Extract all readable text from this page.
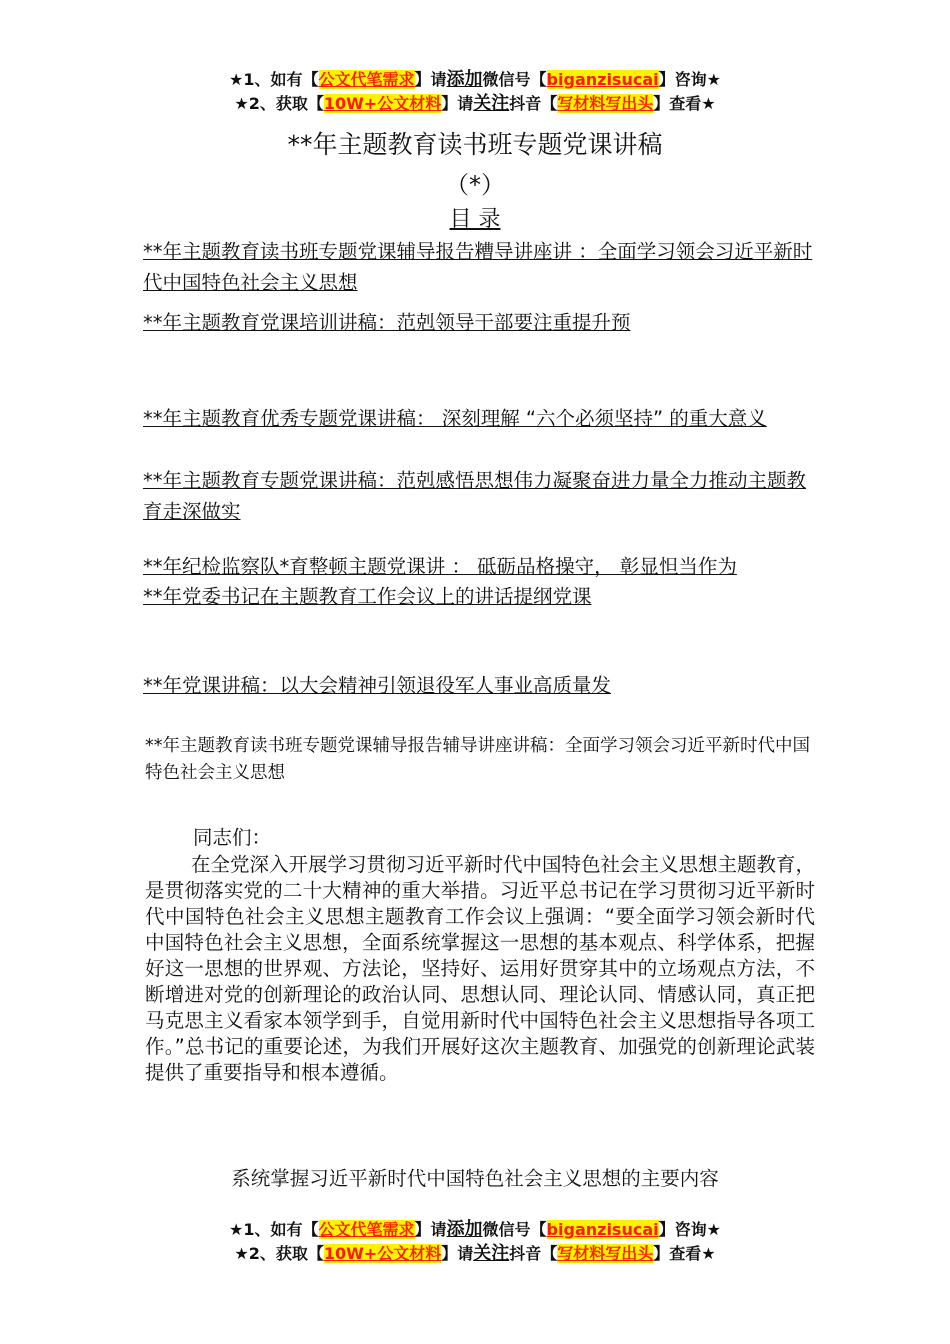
★1、如有【公文代笔需求】请添加微信号【biganzisucai】咨询★
★2、获取【10W+公文材料】请关注抖音【写材料写出头】查看★
**年主题教育读书班专题党课讲稿
（*）
目 录
**年主题教育读书班专题党课辅导报告糟导讲座讲 ：全面学习领会习近平新时代中国特色社会主义思想
**年主题教育党课培训讲稿：范剋领导干部要注重提升预
**年主题教育优秀专题党课讲稿： 深刻理解 “六个必须坚持” 的重大意义
**年主题教育专题党课讲稿：范剋感悟思想伟力凝聚奋进力量全力推动主题教育走深做实
**年纪检监察队*育整顿主题党课讲 ： 砥砺品格操守， 彰显怛当作为
**年党委书记在主题教育工作会议上的讲话提纲党课
**年党课讲稿：以大会精神引领退役军人事业高质量发
**年主题教育读书班专题党课辅导报告辅导讲座讲稿：全面学习领会习近平新时代中国特色社会主义思想
同志们：
在全党深入开展学习贯彻习近平新时代中国特色社会主义思想主题教育，是贯彻落实党的二十大精神的重大举措。习近平总书记在学习贯彻习近平新时代中国特色社会主义思想主题教育工作会议上强调：“要全面学习领会新时代中国特色社会主义思想，全面系统掌握这一思想的基本观点、科学体系，把握好这一思想的世界观、方法论，坚持好、运用好贯穿其中的立场观点方法，不断增进对党的创新理论的政治认同、思想认同、理论认同、情感认同，真正把马克思主义看家本领学到手，自觉用新时代中国特色社会主义思想指导各项工作。”总书记的重要论述，为我们开展好这次主题教育、加强党的创新理论武装提供了重要指导和根本遵循。
系统掌握习近平新时代中国特色社会主义思想的主要内容
★1、如有【公文代笔需求】请添加微信号【biganzisucai】咨询★
★2、获取【10W+公文材料】请关注抖音【写材料写出头】查看★
